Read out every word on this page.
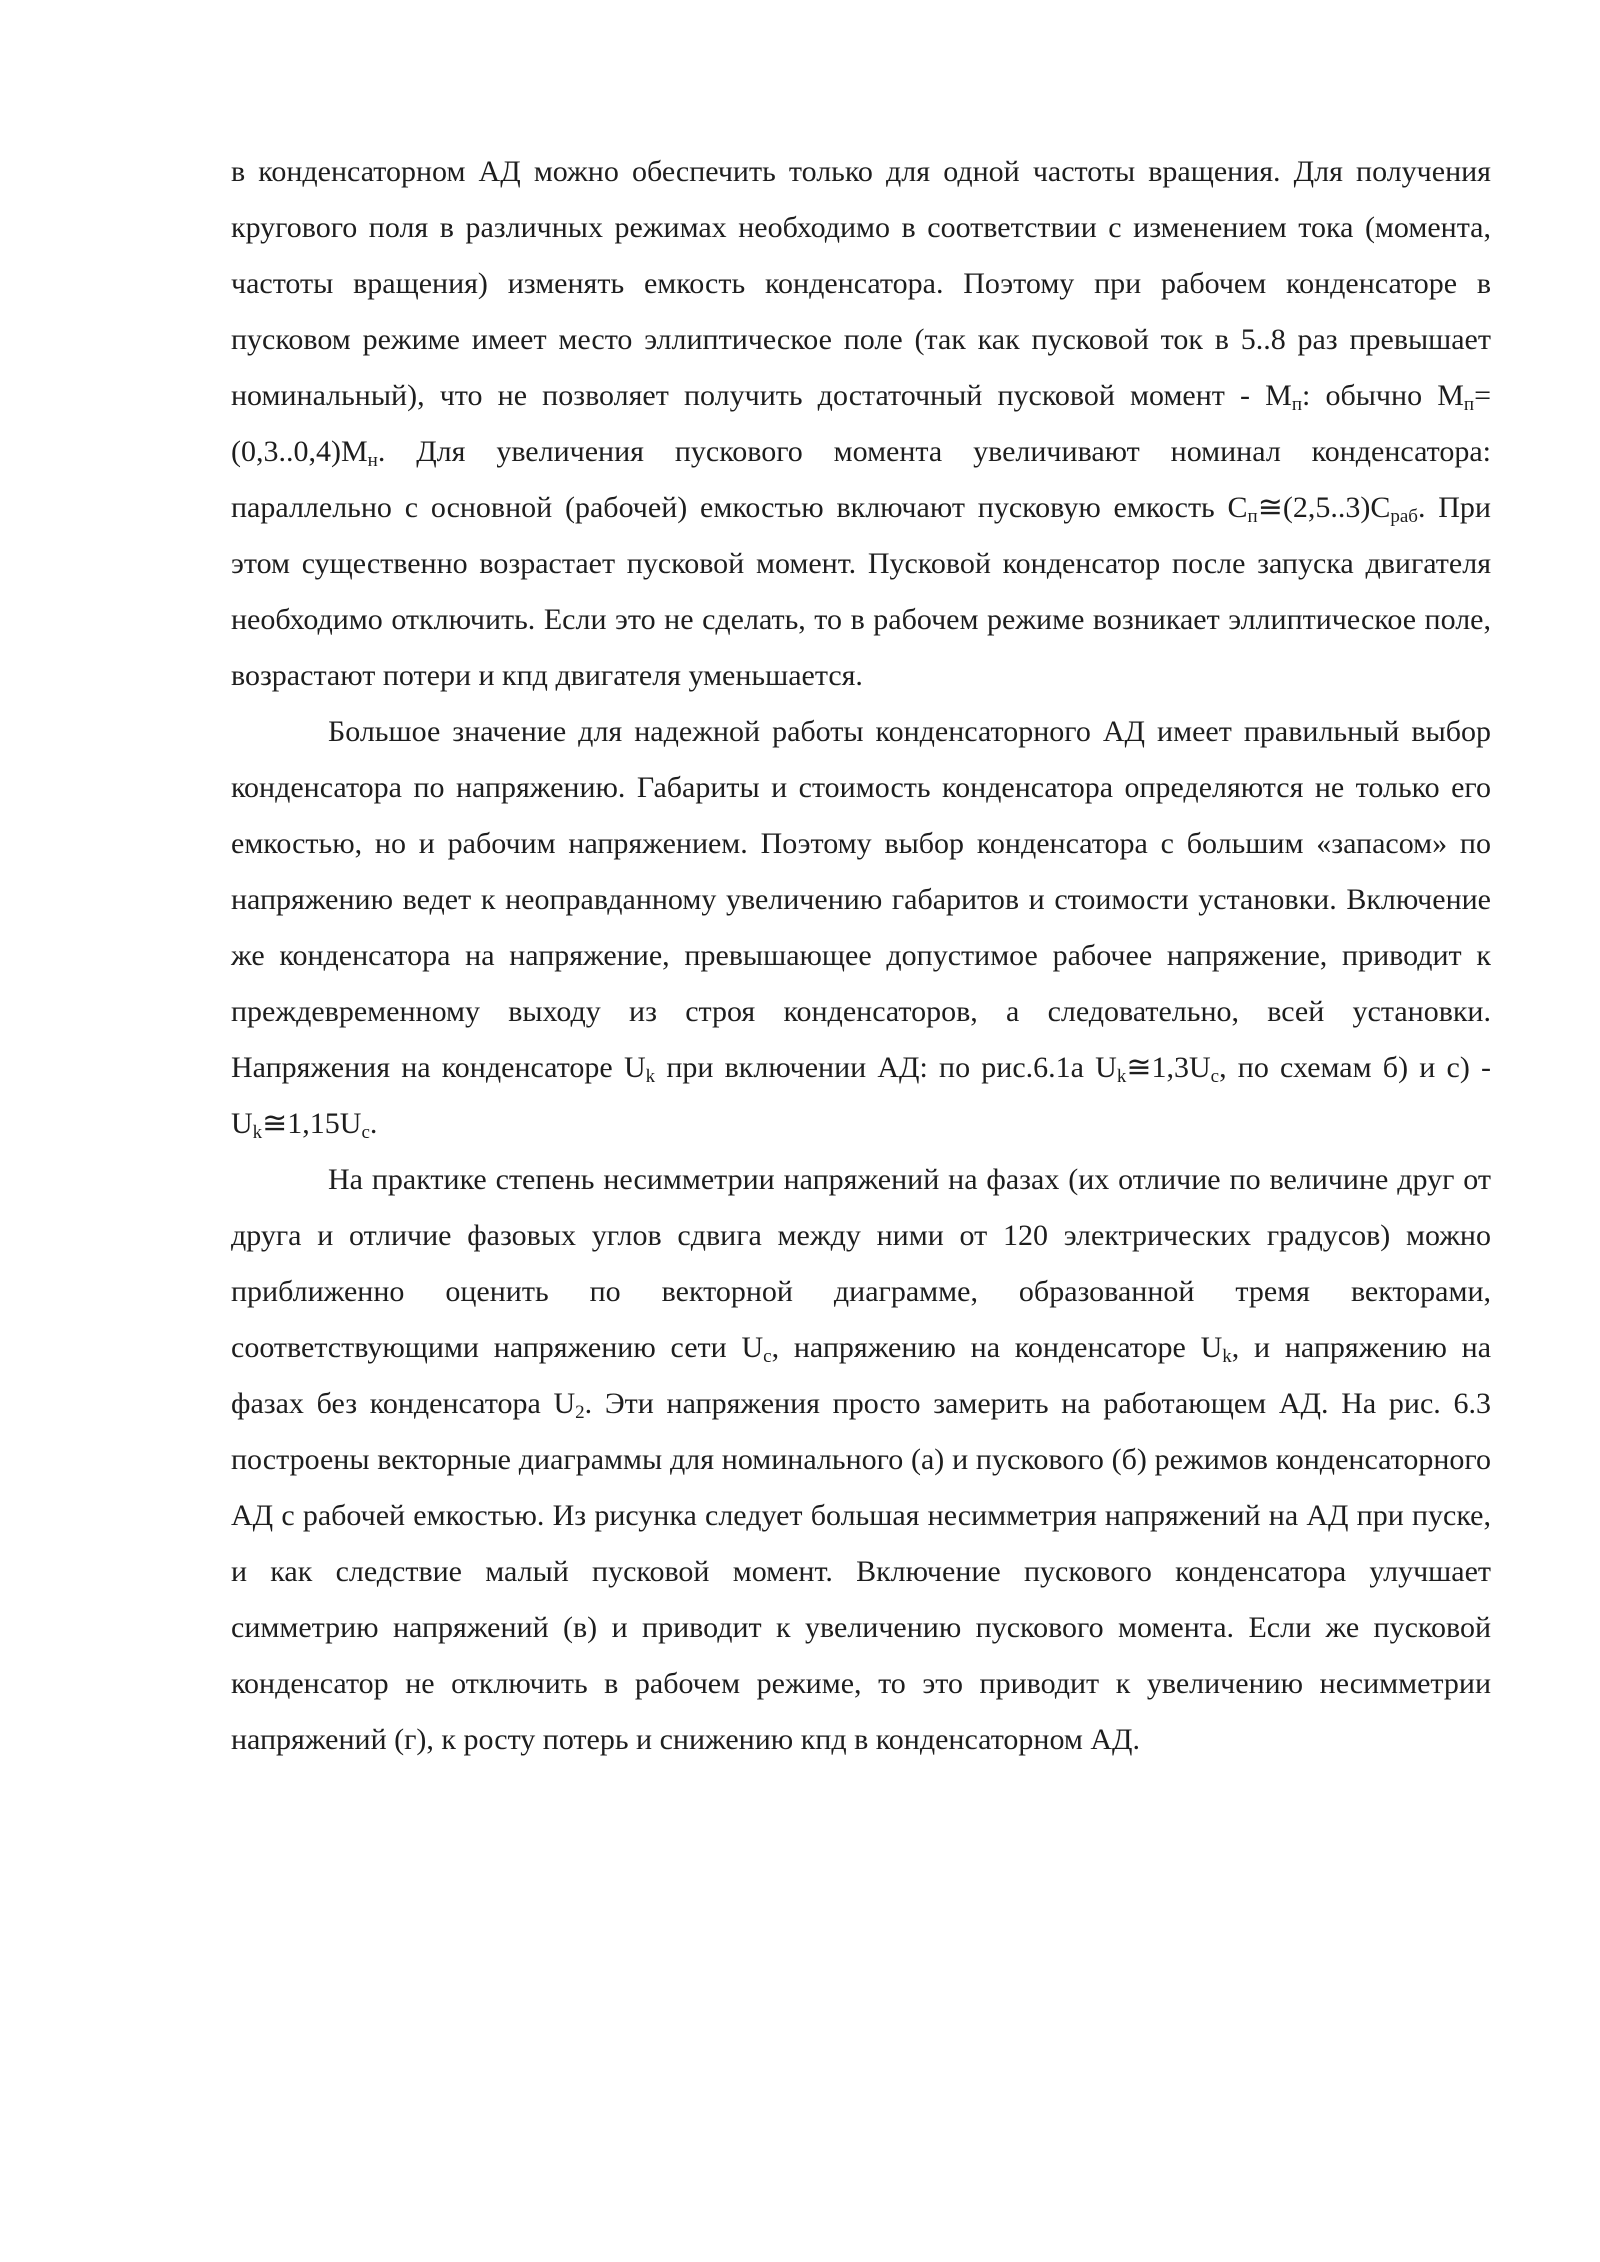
в конденсаторном АД можно обеспечить только для одной частоты вращения. Для получения кругового поля в различных режимах необходимо в соответствии с изменением тока (момента, частоты вращения) изменять емкость конденсатора. Поэтому при рабочем конденсаторе в пусковом режиме имеет место эллиптическое поле (так как пусковой ток в 5..8 раз превышает номинальный), что не позволяет получить достаточный пусковой момент - $М_п$: обычно $М_п=(0,3..0,4)М_н$. Для увеличения пускового момента увеличивают номинал конденсатора: параллельно с основной (рабочей) емкостью включают пусковую емкость $С_п≅(2,5..3)С_{раб}$. При этом существенно возрастает пусковой момент. Пусковой конденсатор после запуска двигателя необходимо отключить. Если это не сделать, то в рабочем режиме возникает эллиптическое поле, возрастают потери и кпд двигателя уменьшается.

Большое значение для надежной работы конденсаторного АД имеет правильный выбор конденсатора по напряжению. Габариты и стоимость конденсатора определяются не только его емкостью, но и рабочим напряжением. Поэтому выбор конденсатора с большим «запасом» по напряжению ведет к неоправданному увеличению габаритов и стоимости установки. Включение же конденсатора на напряжение, превышающее допустимое рабочее напряжение, приводит к преждевременному выходу из строя конденсаторов, а следовательно, всей установки. Напряжения на конденсаторе $U_k$ при включении АД: по рис.6.1а $U_k≅1,3U_c$, по схемам б) и $с) - U_k≅1,15U_c$.

На практике степень несимметрии напряжений на фазах (их отличие по величине друг от друга и отличие фазовых углов сдвига между ними от 120 электрических градусов) можно приближенно оценить по векторной диаграмме, образованной тремя векторами, соответствующими напряжению сети $U_c$, напряжению на конденсаторе $U_k$, и напряжению на фазах без конденсатора $U_2$. Эти напряжения просто замерить на работающем АД. На рис. 6.3 построены векторные диаграммы для номинального (а) и пускового (б) режимов конденсаторного АД с рабочей емкостью. Из рисунка следует большая несимметрия напряжений на АД при пуске, и как следствие малый пусковой момент. Включение пускового конденсатора улучшает симметрию напряжений (в) и приводит к увеличению пускового момента. Если же пусковой конденсатор не отключить в рабочем режиме, то это приводит к увеличению несимметрии напряжений (г), к росту потерь и снижению кпд в конденсаторном АД.
